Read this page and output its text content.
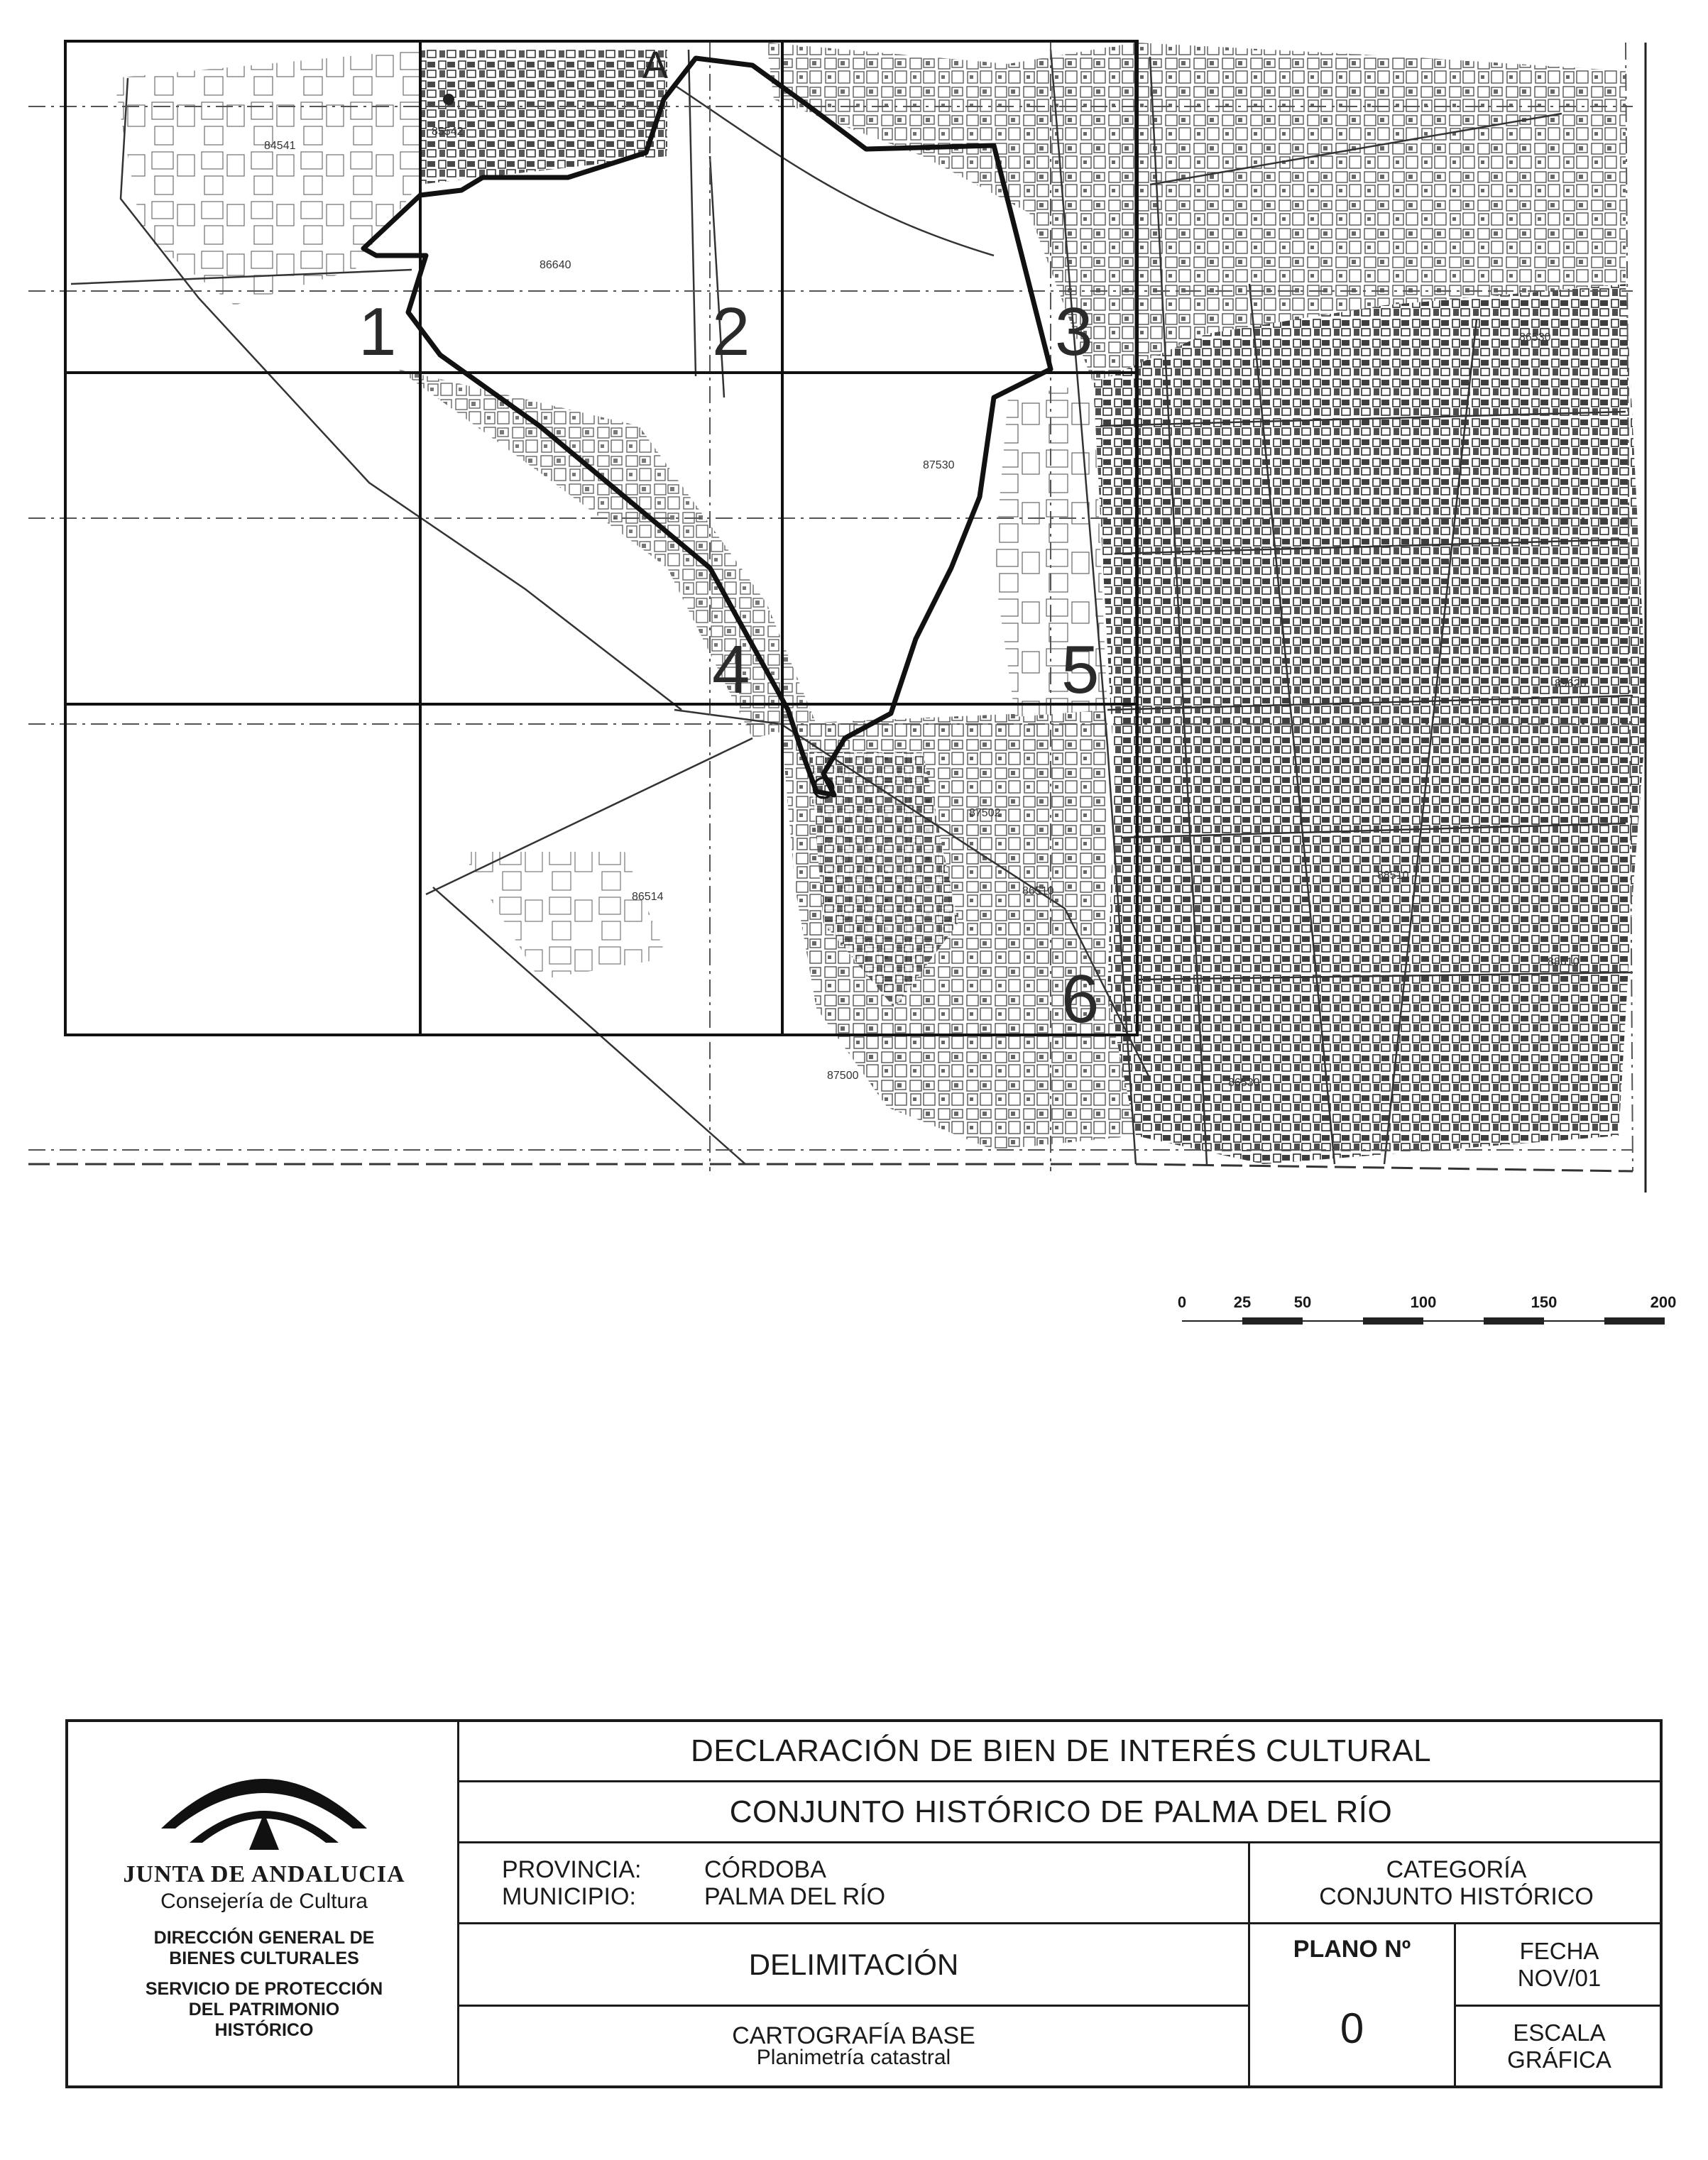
A
1	2	3
4	5
6
84541
85542
86640
87530
87502
86510
86514
87500
88510
89620
88610
86530
86530
0	25	50	100	150	200
JUNTA DE ANDALUCIA
Consejería de Cultura
DIRECCIÓN GENERAL DE
BIENES CULTURALES
SERVICIO DE PROTECCIÓN
DEL PATRIMONIO
HISTÓRICO
DECLARACIÓN DE BIEN DE INTERÉS CULTURAL
CONJUNTO HISTÓRICO DE PALMA DEL RÍO
PROVINCIA:	CÓRDOBA
MUNICIPIO:	PALMA DEL RÍO
CATEGORÍA
CONJUNTO HISTÓRICO
DELIMITACIÓN	PLANO Nº
0
FECHA
NOV/01
CARTOGRAFÍA BASE
Planimetría catastral
ESCALA
GRÁFICA
